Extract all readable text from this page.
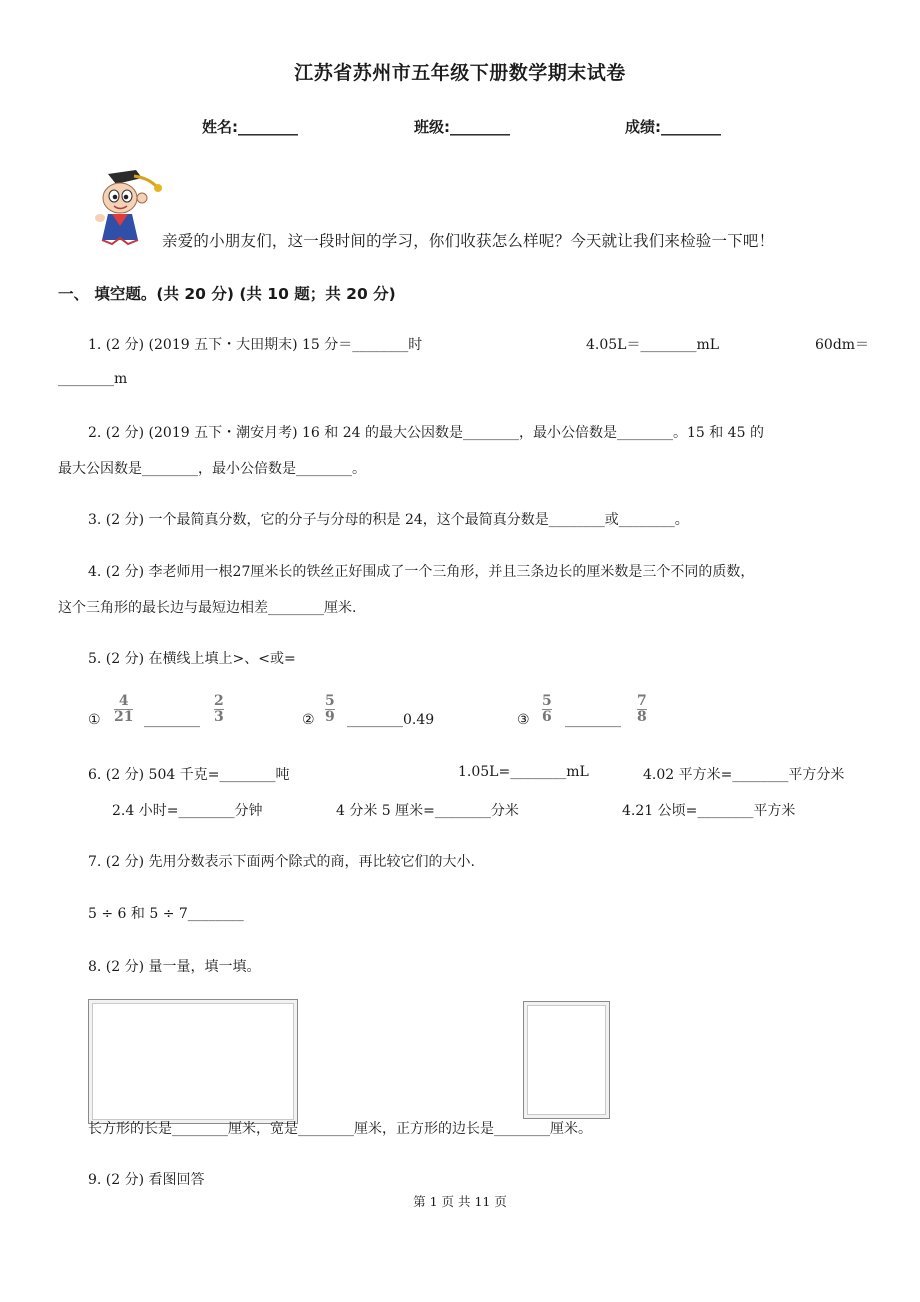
江苏省苏州市五年级下册数学期末试卷
姓名:________	班级:________	成绩:________
亲爱的小朋友们，这一段时间的学习，你们收获怎么样呢？今天就让我们来检验一下吧！
一、 填空题。(共 20 分) (共 10 题；共 20 分)
1. (2 分) (2019 五下・大田期末) 15 分＝________时	4.05L＝________mL	60dm＝
________m
2. (2 分) (2019 五下・潮安月考) 16 和 24 的最大公因数是________，最小公倍数是________。15 和 45 的
最大公因数是________，最小公倍数是________。
3. (2 分) 一个最简真分数，它的分子与分母的积是 24，这个最简真分数是________或________。
4. (2 分) 李老师用一根27厘米长的铁丝正好围成了一个三角形，并且三条边长的厘米数是三个不同的质数，
这个三角形的最长边与最短边相差________厘米.
5. (2 分) 在横线上填上>、<或=
① $\frac{4}{21}$ ________ $\frac{2}{3}$	② $\frac{5}{9}$ ________0.49	③ $\frac{5}{6}$ ________ $\frac{7}{8}$
6. (2 分) 504 千克=________吨	1.05L=________mL	4.02 平方米=________平方分米
2.4 小时=________分钟	4 分米 5 厘米=________分米	4.21 公顷=________平方米
7. (2 分) 先用分数表示下面两个除式的商，再比较它们的大小.
5 ÷ 6 和 5 ÷ 7________
8. (2 分) 量一量，填一填。
长方形的长是________厘米，宽是________厘米，正方形的边长是________厘米。
9. (2 分) 看图回答
第 1 页 共 11 页
